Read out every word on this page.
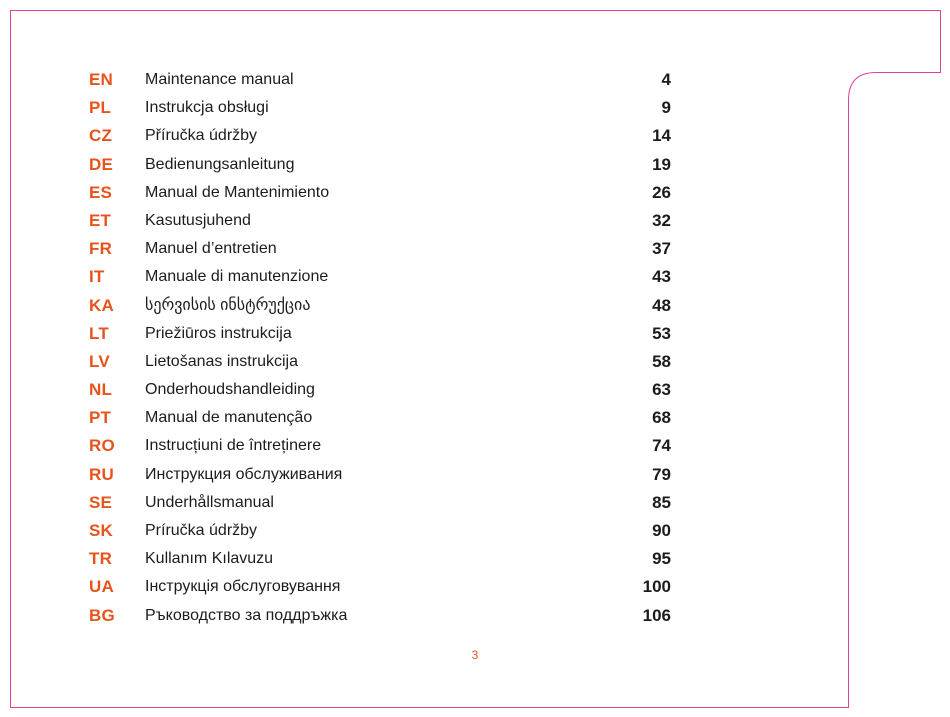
EN Maintenance manual	4
PL Instrukcja obsługi	9
CZ Příručka údržby	14
DE Bedienungsanleitung	19
ES Manual de Mantenimiento	26
ET Kasutusjuhend	32
FR Manuel d’entretien	37
IT	Manuale di manutenzione	43
KA სერვისის ინსტრუქცია	48
LT Priežiūros instrukcija	53
LV Lietošanas instrukcija	58
NL Onderhoudshandleiding	63
PT Manual de manutenção	68
RO Instrucțiuni de întreținere	74
RU Инструкция обслуживания	79
SE Underhållsmanual	85
SK Príručka údržby	90
TR Kullanım Kılavuzu	95
UA Інструкція обслуговування	100
BG Ръководство за поддръжка	106
3
